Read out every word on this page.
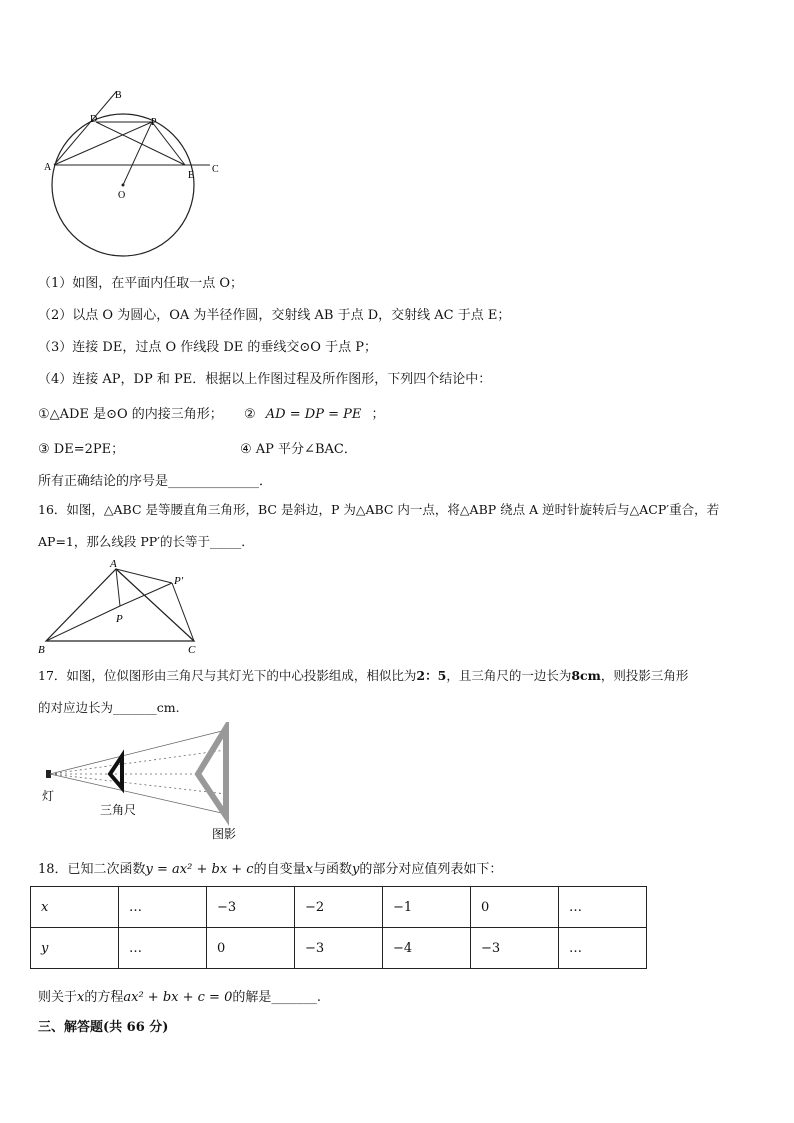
B
D	P
A
E
C
O
（1）如图，在平面内任取一点 O；
（2）以点 O 为圆心，OA 为半径作圆，交射线 AB 于点 D，交射线 AC 于点 E；
（3）连接 DE，过点 O 作线段 DE 的垂线交⊙O 于点 P；
（4）连接 AP，DP 和 PE．根据以上作图过程及所作图形，下列四个结论中：
①△ADE 是⊙O 的内接三角形； ② AD = DP = PE ；
③ DE=2PE；	④ AP 平分∠BAC．
所有正确结论的序号是______________．
16．如图，△ABC 是等腰直角三角形，BC 是斜边，P 为△ABC 内一点，将△ABP 绕点 A 逆时针旋转后与△ACP′重合，若
AP=1，那么线段 PP′的长等于_____．
A
P′
P
B	C
17．如图，位似图形由三角尺与其灯光下的中心投影组成，相似比为2：5，且三角尺的一边长为8cm，则投影三角形
的对应边长为_______cm.
灯
三角尺
图影
18．已知二次函数y = ax² + bx + c的自变量x与函数y的部分对应值列表如下：
x	…	−3	−2	−1	0	…
y	…	0	−3	−4	−3	…
则关于x的方程ax² + bx + c = 0的解是_______.
三、解答题(共 66 分)
